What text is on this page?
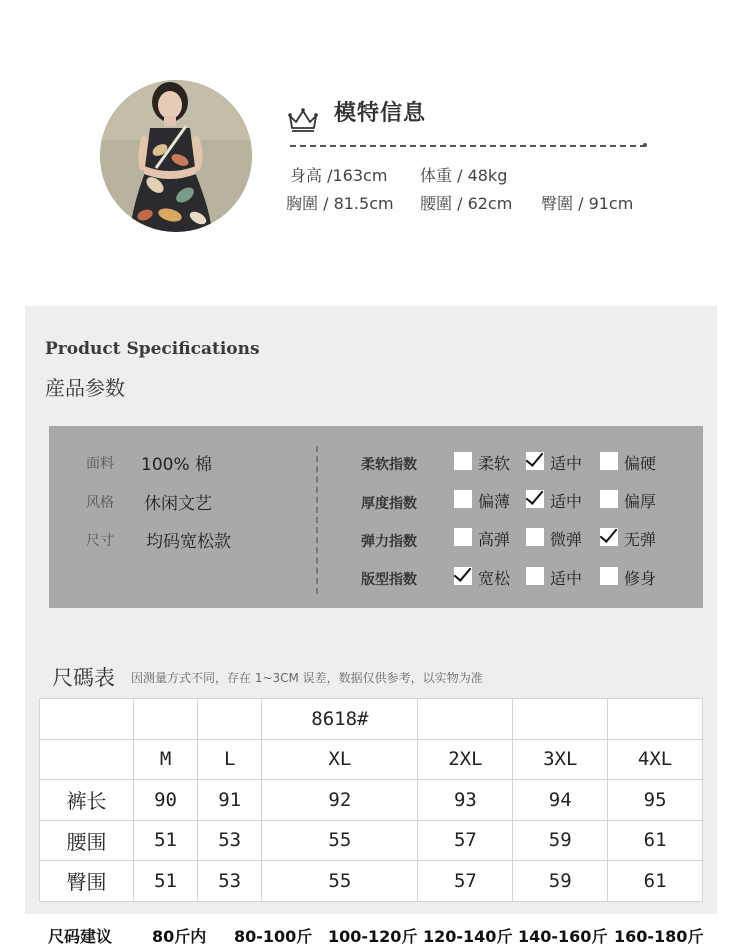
模特信息
身高 /163cm 体重 / 48kg
胸圍 / 81.5cm 腰圍 / 62cm 臀圍 / 91cm
Product Specifications
産品参数
面料 100% 棉
风格 休闲文艺
尺寸 均码宽松款
柔软指数	柔软 适中	偏硬
厚度指数	偏薄 适中	偏厚
弹力指数	高弹 微弹	无弹
版型指数	宽松 适中	修身
尺碼表 因测量方式不同，存在 1~3CM 误差，数据仅供参考，以实物为准
			8618#			
	M	L	XL	2XL	3XL	4XL
裤长	90	91	92	93	94	95
腰围	51	53	55	57	59	61
臀围	51	53	55	57	59	61
尺码建议 80斤内 80-100斤 100-120斤 120-140斤 140-160斤 160-180斤
